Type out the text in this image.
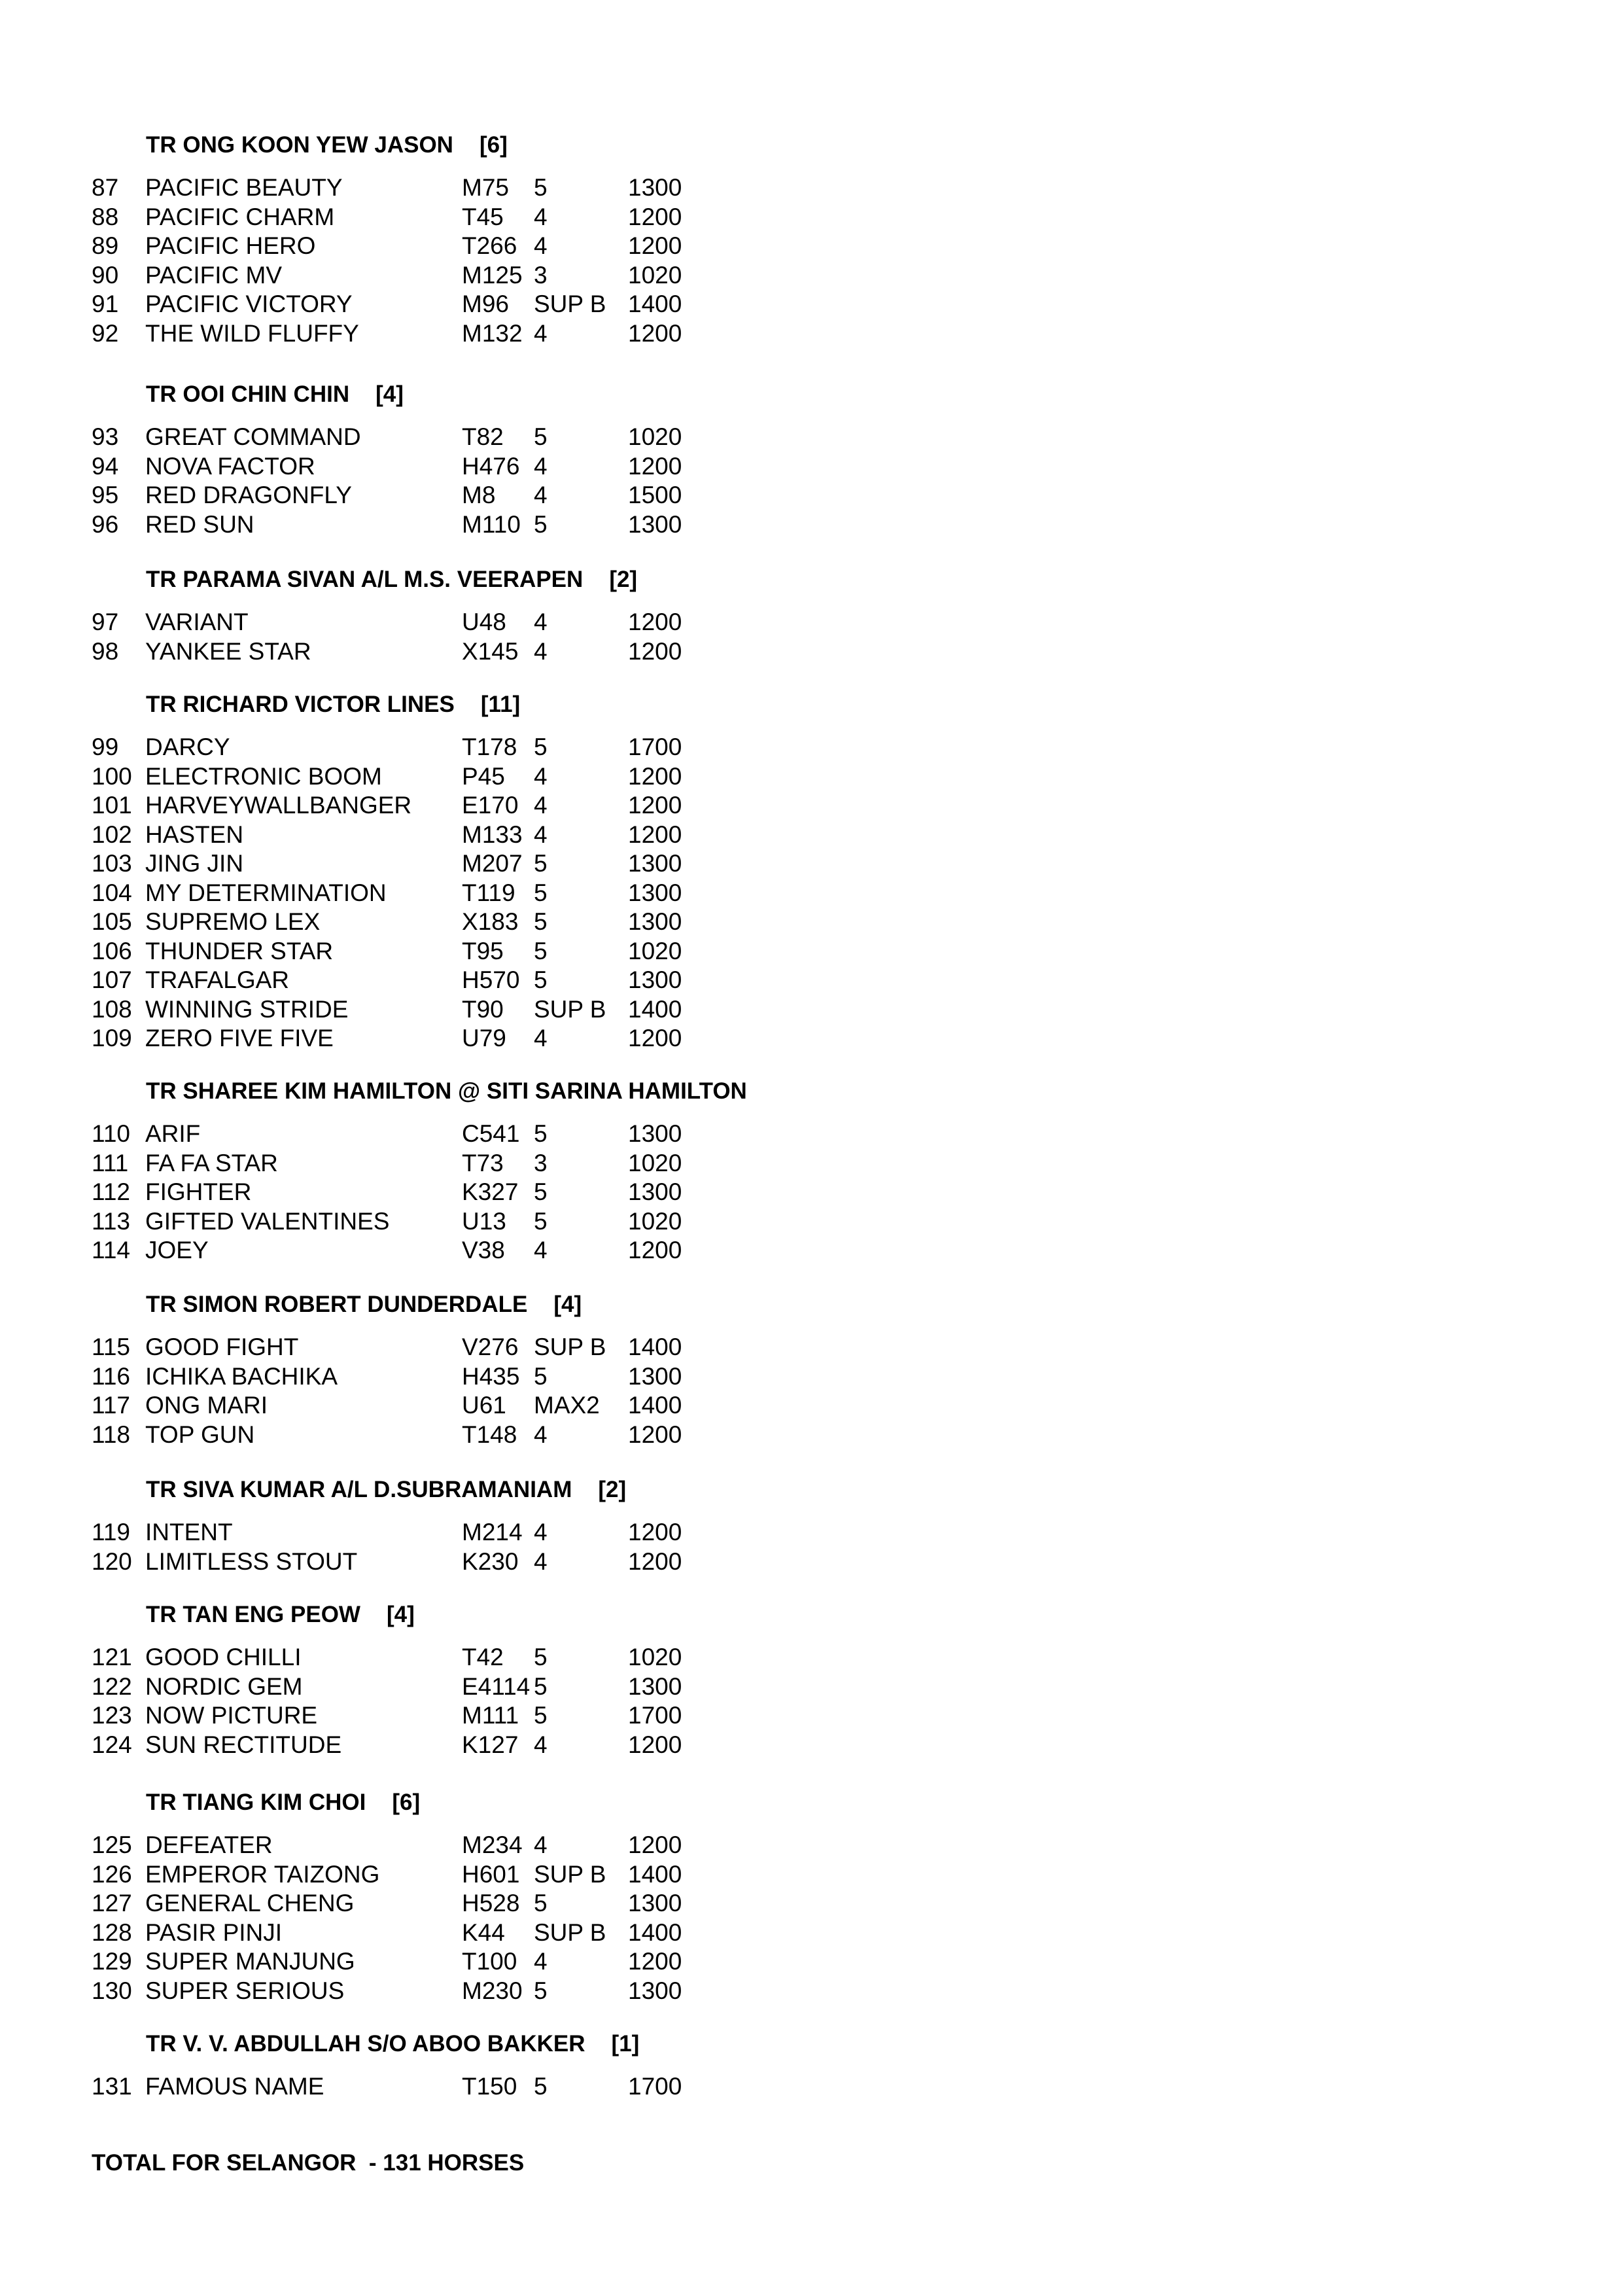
TR ONG KOON YEW JASON [6]
87 PACIFIC BEAUTY	M75 5	1300
88 PACIFIC CHARM	T45 4	1200
89 PACIFIC HERO	T266 4	1200
90 PACIFIC MV	M125 3	1020
91 PACIFIC VICTORY	M96 SUP B 1400
92 THE WILD FLUFFY	M132 4	1200
TR OOI CHIN CHIN [4]
93 GREAT COMMAND	T82 5	1020
94 NOVA FACTOR	H476 4	1200
95 RED DRAGONFLY	M8 4	1500
96 RED SUN	M110 5	1300
TR PARAMA SIVAN A/L M.S. VEERAPEN [2]
97 VARIANT	U48 4	1200
98 YANKEE STAR	X145 4	1200
TR RICHARD VICTOR LINES [11]
99 DARCY	T178 5	1700
100 ELECTRONIC BOOM	P45 4	1200
101 HARVEYWALLBANGER E170 4	1200
102 HASTEN	M133 4	1200
103 JING JIN	M207 5	1300
104 MY DETERMINATION	T119 5	1300
105 SUPREMO LEX	X183 5	1300
106 THUNDER STAR	T95 5	1020
107 TRAFALGAR	H570 5	1300
108 WINNING STRIDE	T90 SUP B 1400
109 ZERO FIVE FIVE	U79 4	1200
TR SHAREE KIM HAMILTON @ SITI SARINA HAMILTON
110 ARIF	C541 5	1300
111 FA FA STAR	T73 3	1020
112 FIGHTER	K327 5	1300
113 GIFTED VALENTINES	U13 5	1020
114 JOEY	V38 4	1200
TR SIMON ROBERT DUNDERDALE [4]
115 GOOD FIGHT	V276 SUP B 1400
116 ICHIKA BACHIKA	H435 5	1300
117 ONG MARI	U61 MAX2 1400
118 TOP GUN	T148 4	1200
TR SIVA KUMAR A/L D.SUBRAMANIAM [2]
119 INTENT	M214 4	1200
120 LIMITLESS STOUT	K230 4	1200
TR TAN ENG PEOW [4]
121 GOOD CHILLI	T42 5	1020
122 NORDIC GEM	E4114 5	1300
123 NOW PICTURE	M111 5	1700
124 SUN RECTITUDE	K127 4	1200
TR TIANG KIM CHOI [6]
125 DEFEATER	M234 4	1200
126 EMPEROR TAIZONG	H601 SUP B 1400
127 GENERAL CHENG	H528 5	1300
128 PASIR PINJI	K44 SUP B 1400
129 SUPER MANJUNG	T100 4	1200
130 SUPER SERIOUS	M230 5	1300
TR V. V. ABDULLAH S/O ABOO BAKKER [1]
131 FAMOUS NAME	T150 5	1700
TOTAL FOR SELANGOR  - 131 HORSES
